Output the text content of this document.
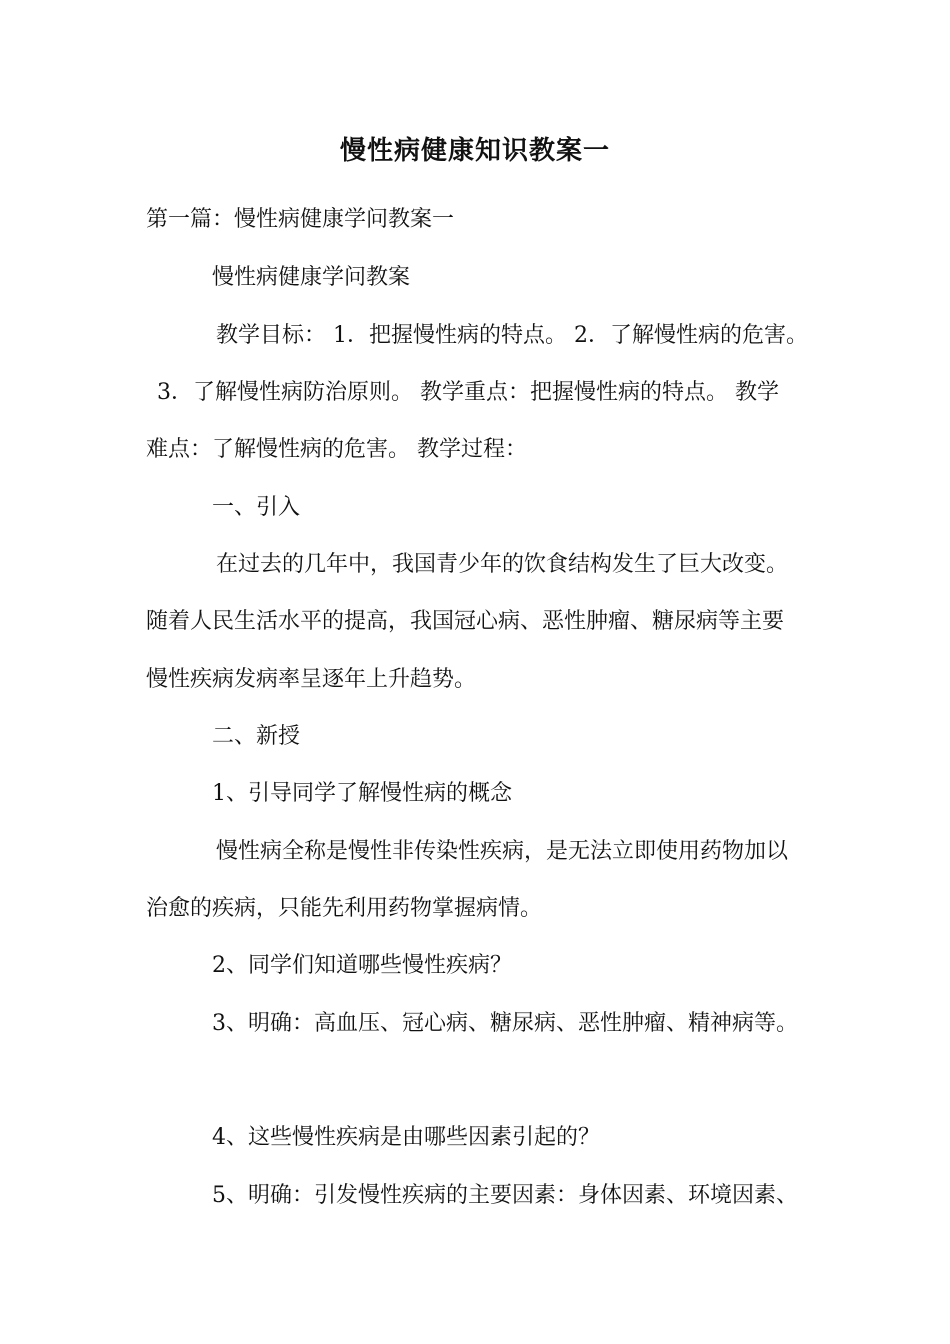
慢性病健康知识教案一
第一篇：慢性病健康学问教案一
慢性病健康学问教案
教学目标： 1．把握慢性病的特点。 2．了解慢性病的危害。
3．了解慢性病防治原则。 教学重点：把握慢性病的特点。 教学
难点：了解慢性病的危害。 教学过程：
一、引入
在过去的几年中，我国青少年的饮食结构发生了巨大改变。
随着人民生活水平的提高，我国冠心病、恶性肿瘤、糖尿病等主要
慢性疾病发病率呈逐年上升趋势。
二、新授
1、引导同学了解慢性病的概念
慢性病全称是慢性非传染性疾病，是无法立即使用药物加以
治愈的疾病，只能先利用药物掌握病情。
2、同学们知道哪些慢性疾病？
3、明确：高血压、冠心病、糖尿病、恶性肿瘤、精神病等。
4、这些慢性疾病是由哪些因素引起的？
5、明确：引发慢性疾病的主要因素：身体因素、环境因素、
